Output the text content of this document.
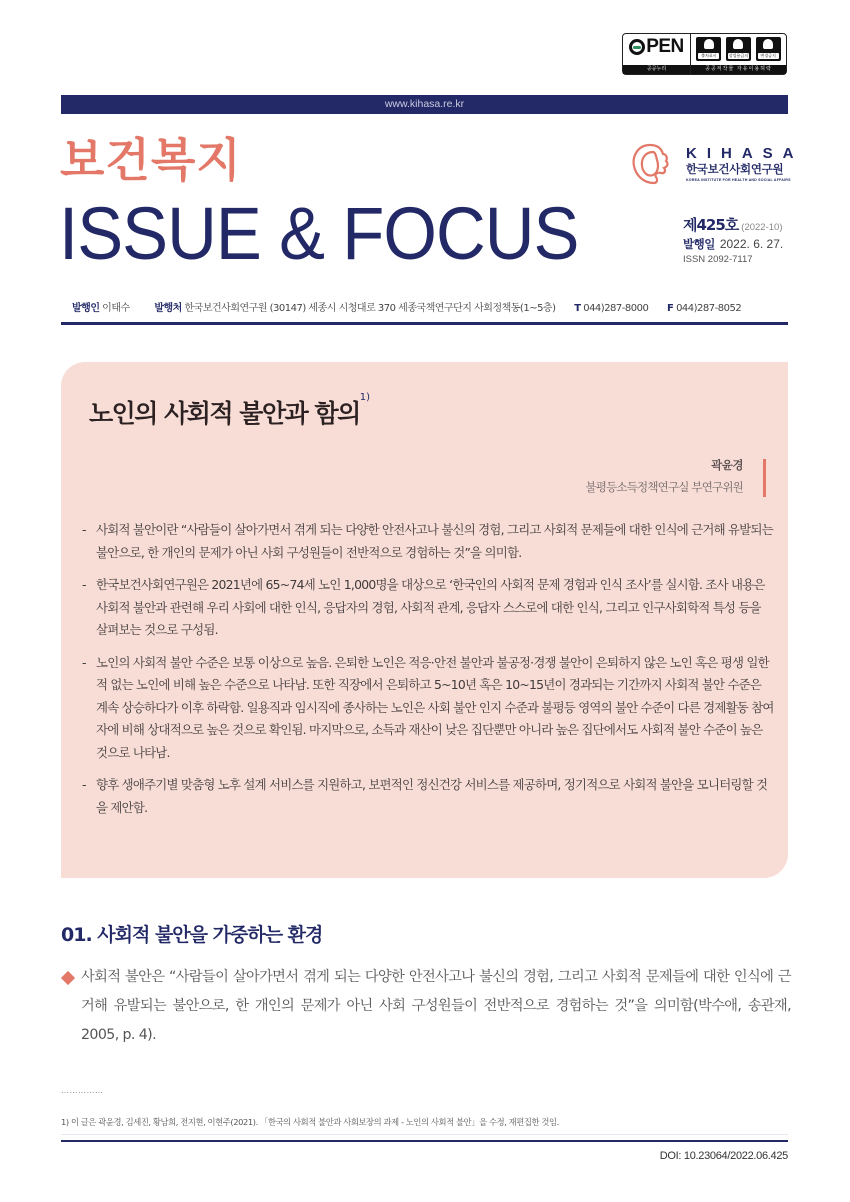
PEN
공공누리
출처표시	상업용금지	변경금지
공공저작물 자유이용허락
www.kihasa.re.kr
보건복지
ISSUE & FOCUS
KIHASA
한국보건사회연구원
KOREA INSTITUTE FOR HEALTH AND SOCIAL AFFAIRS
제425호 (2022-10)
발행일 2022. 6. 27.
ISSN 2092-7117
발행인 이태수 발행처 한국보건사회연구원 (30147) 세종시 시청대로 370 세종국책연구단지 사회정책동(1~5층) T 044)287-8000 F 044)287-8052
노인의 사회적 불안과 함의$^{1)}$
곽윤경
불평등소득정책연구실 부연구위원
- 사회적 불안이란 “사람들이 살아가면서 겪게 되는 다양한 안전사고나 불신의 경험, 그리고 사회적 문제들에 대한 인식에 근거해 유발되는 불안으로, 한 개인의 문제가 아닌 사회 구성원들이 전반적으로 경험하는 것”을 의미함.
- 한국보건사회연구원은 2021년에 65~74세 노인 1,000명을 대상으로 ‘한국인의 사회적 문제 경험과 인식 조사’를 실시함. 조사 내용은 사회적 불안과 관련해 우리 사회에 대한 인식, 응답자의 경험, 사회적 관계, 응답자 스스로에 대한 인식, 그리고 인구사회학적 특성 등을 살펴보는 것으로 구성됨.
- 노인의 사회적 불안 수준은 보통 이상으로 높음. 은퇴한 노인은 적응·안전 불안과 불공정·경쟁 불안이 은퇴하지 않은 노인 혹은 평생 일한 적 없는 노인에 비해 높은 수준으로 나타남. 또한 직장에서 은퇴하고 5~10년 혹은 10~15년이 경과되는 기간까지 사회적 불안 수준은 계속 상승하다가 이후 하락함. 일용직과 임시직에 종사하는 노인은 사회 불안 인지 수준과 불평등 영역의 불안 수준이 다른 경제활동 참여자에 비해 상대적으로 높은 것으로 확인됨. 마지막으로, 소득과 재산이 낮은 집단뿐만 아니라 높은 집단에서도 사회적 불안 수준이 높은 것으로 나타남.
- 향후 생애주기별 맞춤형 노후 설계 서비스를 지원하고, 보편적인 정신건강 서비스를 제공하며, 정기적으로 사회적 불안을 모니터링할 것을 제안함.
01. 사회적 불안을 가중하는 환경
사회적 불안은 “사람들이 살아가면서 겪게 되는 다양한 안전사고나 불신의 경험, 그리고 사회적 문제들에 대한 인식에 근거해 유발되는 불안으로, 한 개인의 문제가 아닌 사회 구성원들이 전반적으로 경험하는 것”을 의미함(박수애, 송관재, 2005, p. 4).
……………
1) 이 글은 곽윤경, 김세진, 황남희, 전지현, 이현주(2021). 「한국의 사회적 불안과 사회보장의 과제 - 노인의 사회적 불안」을 수정, 재편집한 것임.
DOI: 10.23064/2022.06.425
